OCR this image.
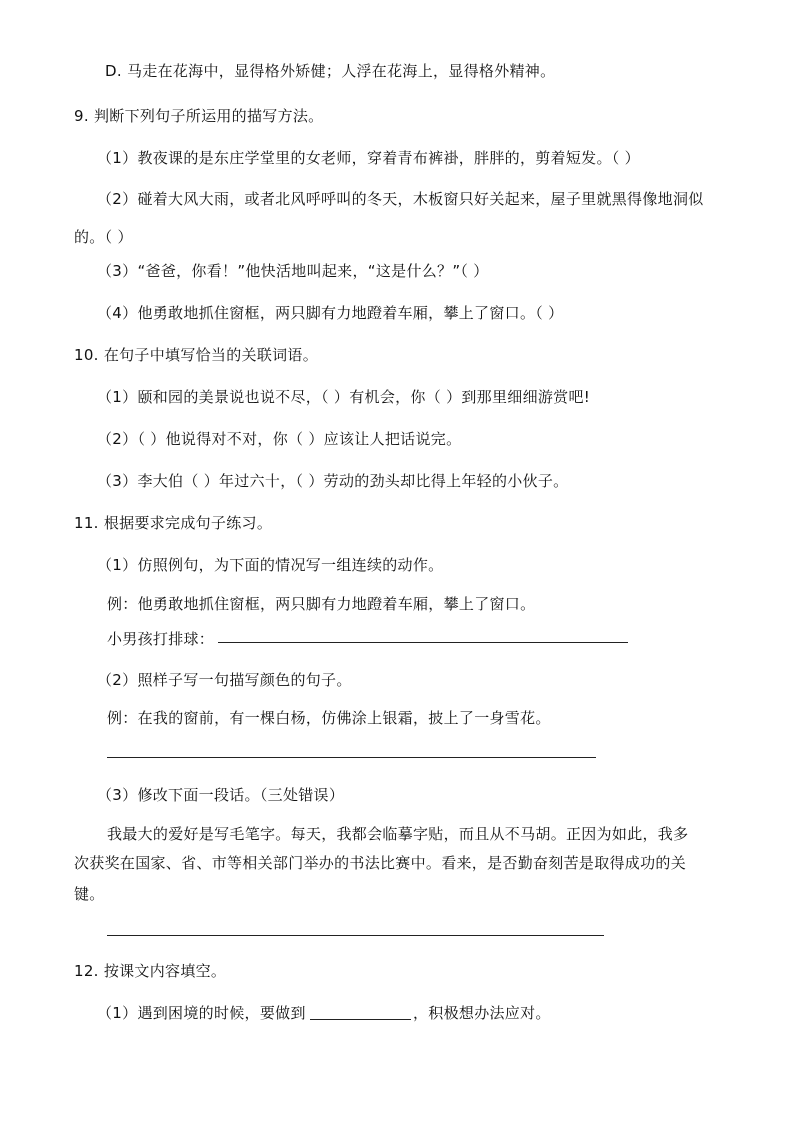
D. 马走在花海中，显得格外矫健；人浮在花海上，显得格外精神。
9. 判断下列句子所运用的描写方法。
（1）教夜课的是东庄学堂里的女老师，穿着青布裤褂，胖胖的，剪着短发。（ ）
（2）碰着大风大雨，或者北风呼呼叫的冬天，木板窗只好关起来，屋子里就黑得像地洞似
的。（ ）
（3）“爸爸，你看！”他快活地叫起来，“这是什么？”（ ）
（4）他勇敢地抓住窗框，两只脚有力地蹬着车厢，攀上了窗口。（ ）
10. 在句子中填写恰当的关联词语。
（1）颐和园的美景说也说不尽，（ ）有机会，你（ ）到那里细细游赏吧!
（2）（ ）他说得对不对，你（ ）应该让人把话说完。
（3）李大伯（ ）年过六十，（ ）劳动的劲头却比得上年轻的小伙子。
11. 根据要求完成句子练习。
（1）仿照例句，为下面的情况写一组连续的动作。
例：他勇敢地抓住窗框，两只脚有力地蹬着车厢，攀上了窗口。
小男孩打排球：
（2）照样子写一句描写颜色的句子。
例：在我的窗前，有一棵白杨，仿佛涂上银霜，披上了一身雪花。
（3）修改下面一段话。（三处错误）
我最大的爱好是写毛笔字。每天，我都会临摹字贴，而且从不马胡。正因为如此，我多
次获奖在国家、省、市等相关部门举办的书法比赛中。看来，是否勤奋刻苦是取得成功的关
键。
12. 按课文内容填空。
（1）遇到困境的时候，要做到	，积极想办法应对。
